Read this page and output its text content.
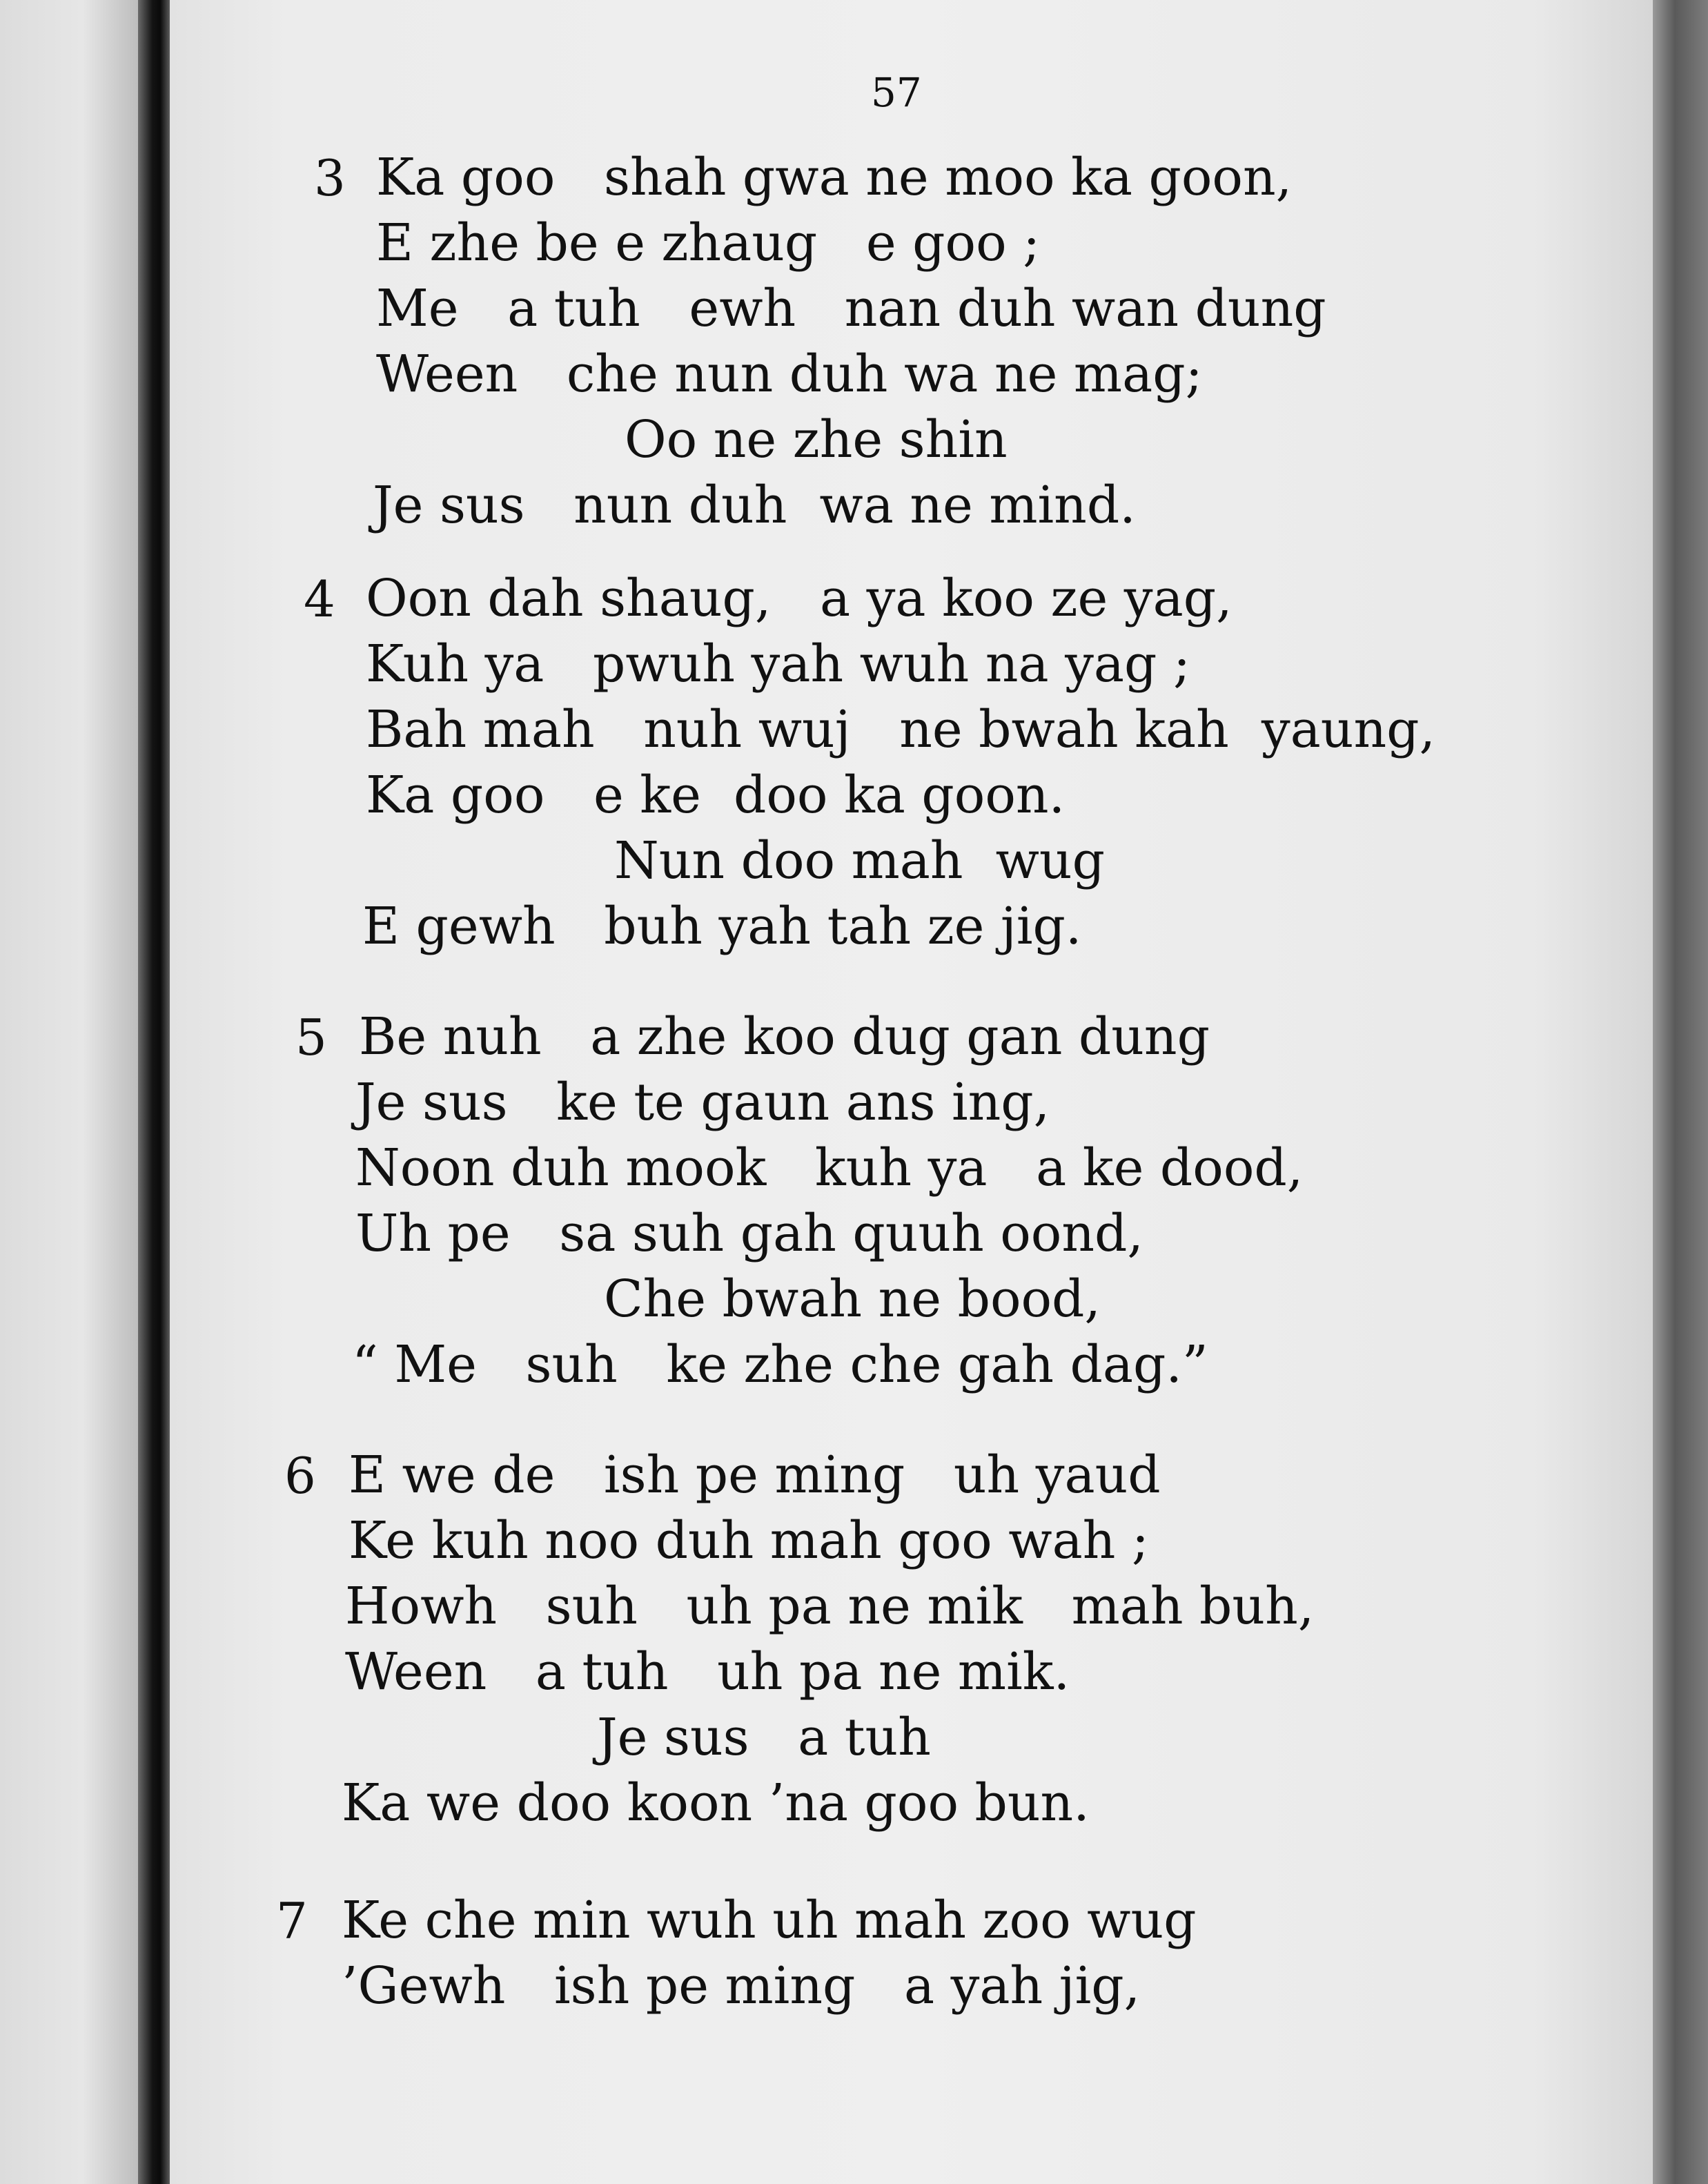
57
3 Ka goo   shah gwa ne moo ka goon,
E zhe be e zhaug   e goo ;
Me   a tuh   ewh   nan duh wan dung
Ween   che nun duh wa ne mag;
Oo ne zhe shin
Je sus   nun duh  wa ne mind.
4 Oon dah shaug,   a ya koo ze yag,
Kuh ya   pwuh yah wuh na yag ;
Bah mah   nuh wuj   ne bwah kah  yaung,
Ka goo   e ke  doo ka goon.
Nun doo mah  wug
E gewh   buh yah tah ze jig.
5 Be nuh   a zhe koo dug gan dung
Je sus   ke te gaun ans ing,
Noon duh mook   kuh ya   a ke dood,
Uh pe   sa suh gah quuh oond,
Che bwah ne bood,
“ Me   suh   ke zhe che gah dag.”
6 E we de   ish pe ming   uh yaud
Ke kuh noo duh mah goo wah ;
Howh   suh   uh pa ne mik   mah buh,
Ween   a tuh   uh pa ne mik.
Je sus   a tuh
Ka we doo koon ’na goo bun.
7 Ke che min wuh uh mah zoo wug
’Gewh   ish pe ming   a yah jig,
